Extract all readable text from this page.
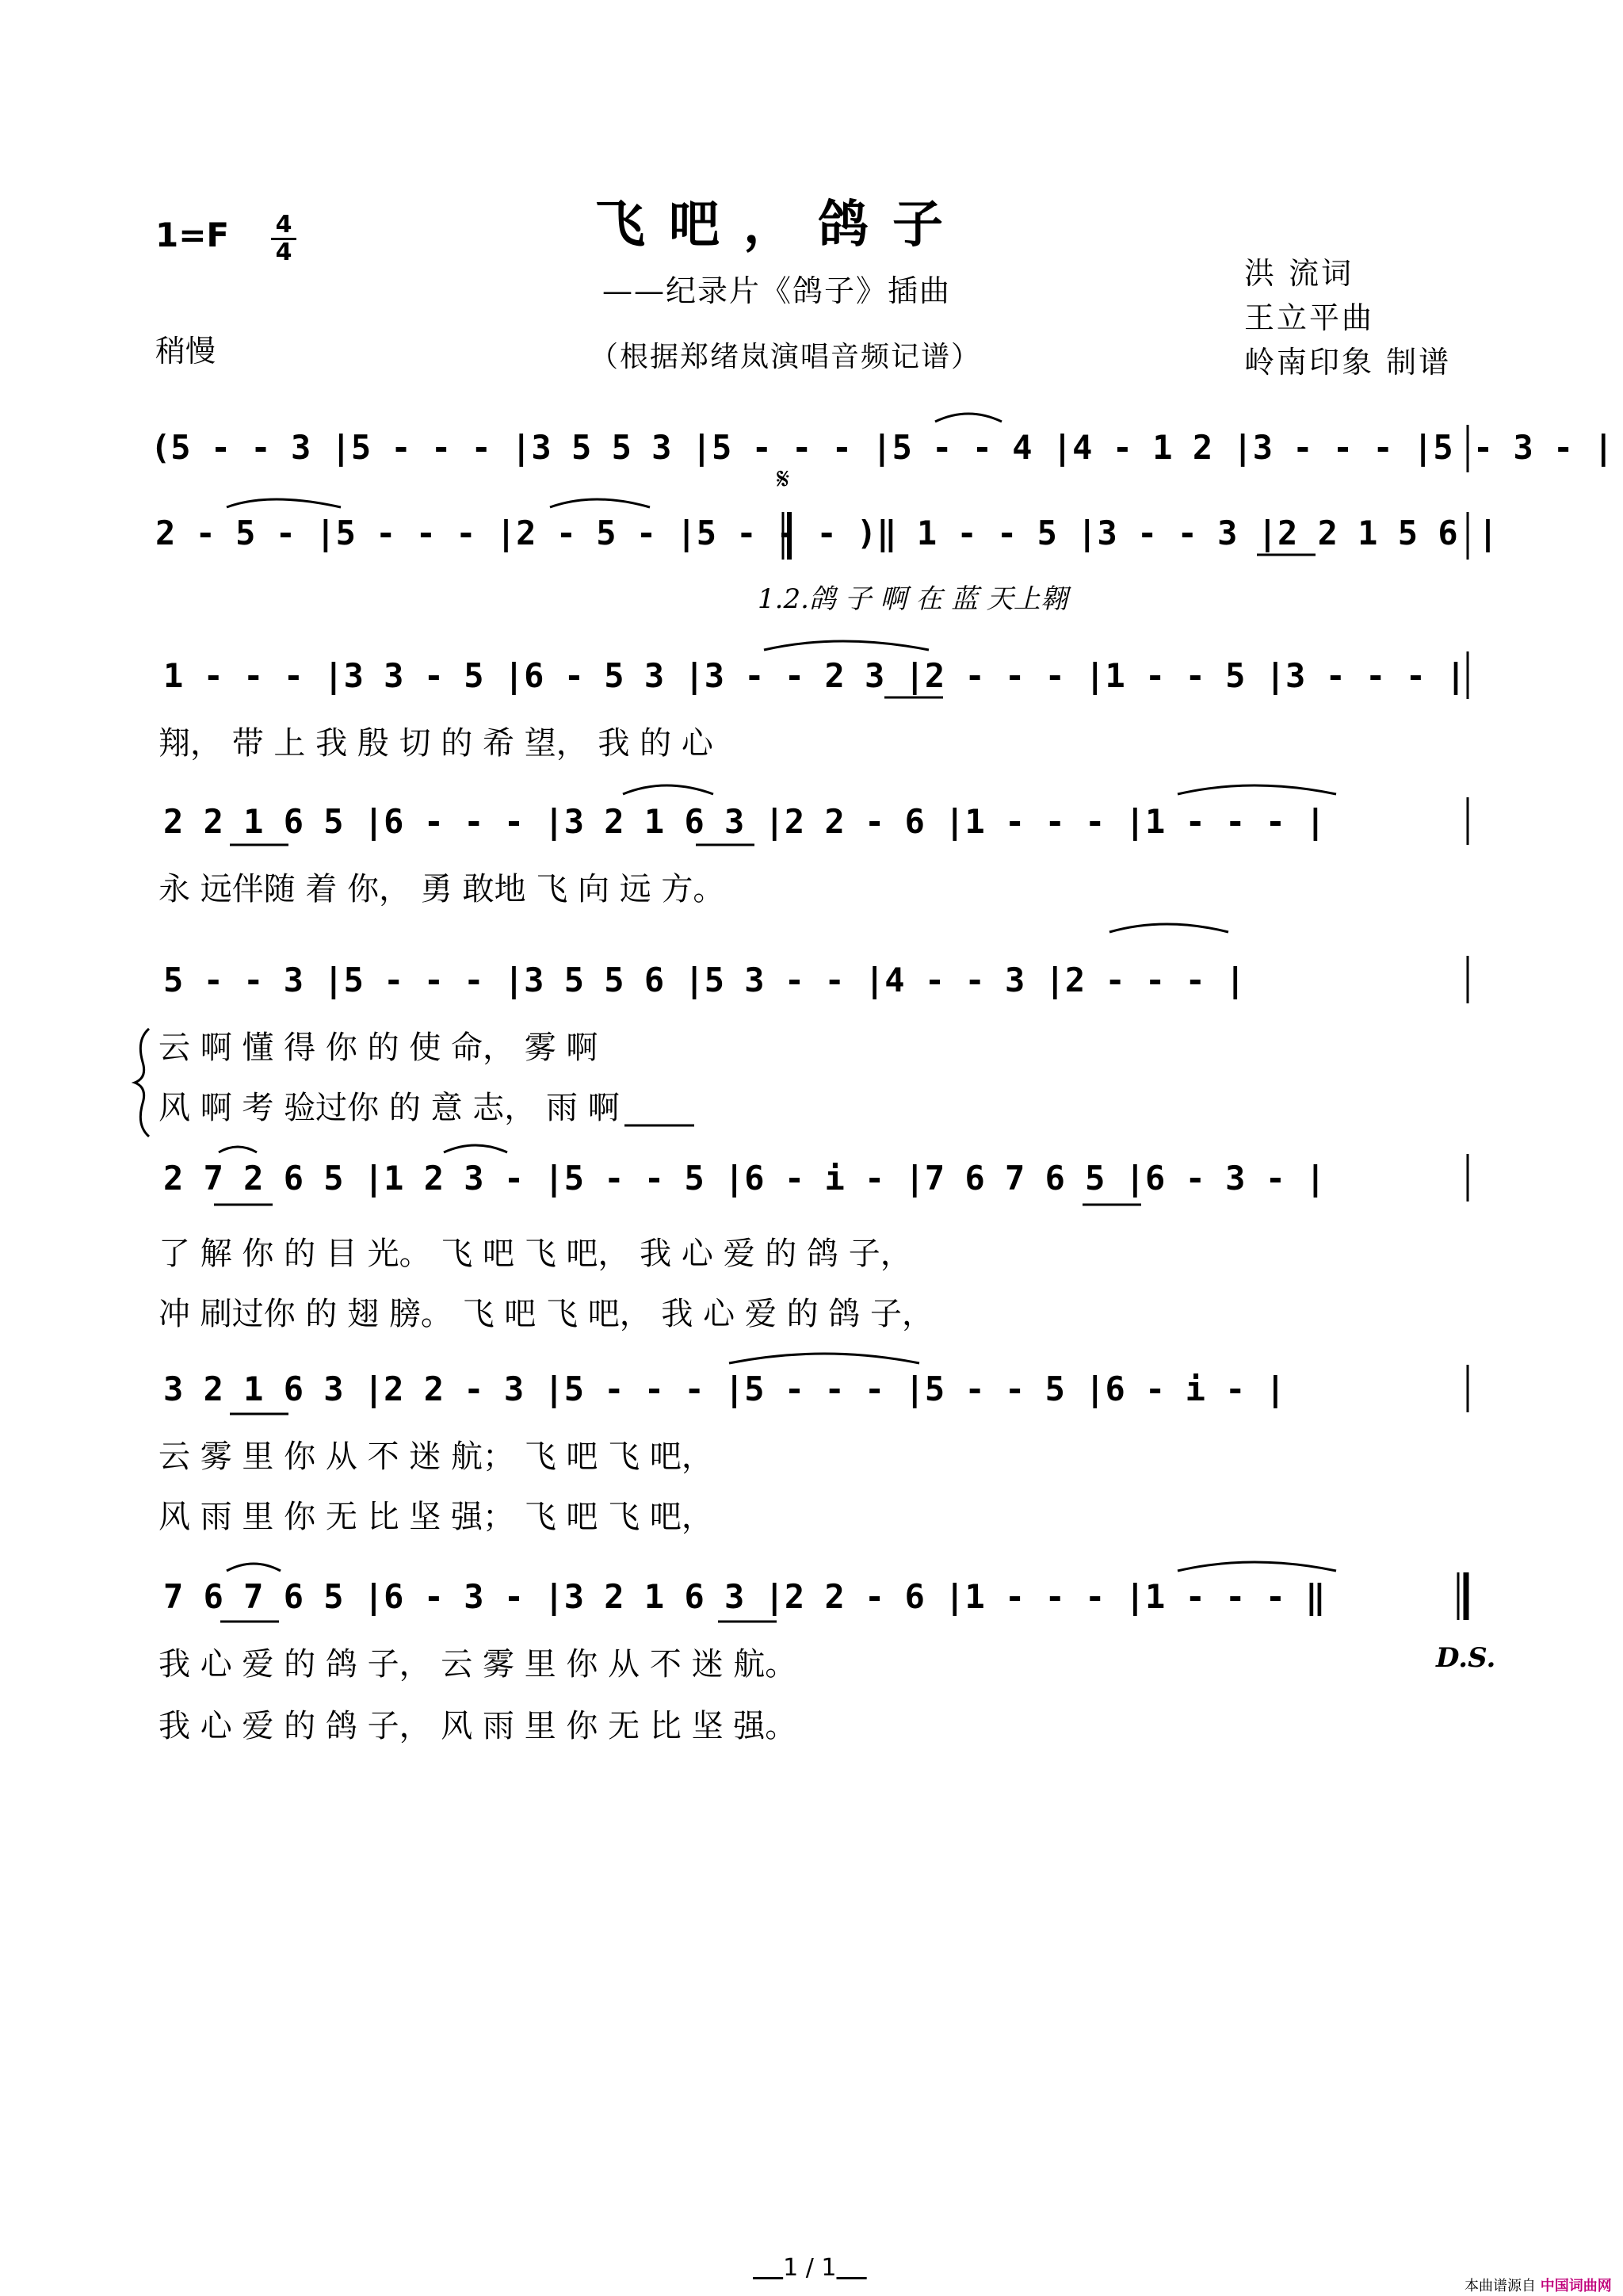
1=F	4
4	飞吧，鸽子
——纪录片《鸽子》插曲
（根据郑绪岚演唱音频记谱）
稍慢
洪 流词
王立平曲
岭南印象 制谱
(5 - - 3 |5 - - - |3 5 5 3 |5 - - - |5 - - 4 |4 - 1 2 |3 - - - |5 - 3 - |
2 - 5 - |5 - - - |2 - 5 - |5 - - - )‖ 1 - - 5 |3 - - 3 |2 2 1 5 6 |
𝄋
1.2.鸽 子 啊 在 蓝 天上翱
1 - - - |3 3 - 5 |6 - 5 3 |3 - - 2 3 |2 - - - |1 - - 5 |3 - - - |
翔， 带 上 我 殷 切 的 希 望， 我 的 心
2 2 1 6 5 |6 - - - |3 2 1 6 3 |2 2 - 6 |1 - - - |1 - - - |
永 远伴随 着 你， 勇 敢地 飞 向 远 方。
5 - - 3 |5 - - - |3 5 5 6 |5 3 - - |4 - - 3 |2 - - - |
云 啊 懂 得 你 的 使 命， 雾 啊
风 啊 考 验过你 的 意 志， 雨 啊
2 7 2 6 5 |1 2 3 - |5 - - 5 |6 - i - |7 6 7 6 5 |6 - 3 - |
了 解 你 的 目 光。 飞 吧 飞 吧， 我 心 爱 的 鸽 子，
冲 刷过你 的 翅 膀。 飞 吧 飞 吧， 我 心 爱 的 鸽 子，
3 2 1 6 3 |2 2 - 3 |5 - - - |5 - - - |5 - - 5 |6 - i - |
云 雾 里 你 从 不 迷 航； 飞 吧 飞 吧，
风 雨 里 你 无 比 坚 强； 飞 吧 飞 吧，
7 6 7 6 5 |6 - 3 - |3 2 1 6 3 |2 2 - 6 |1 - - - |1 - - - ‖
我 心 爱 的 鸽 子， 云 雾 里 你 从 不 迷 航。	D.S.
我 心 爱 的 鸽 子， 风 雨 里 你 无 比 坚 强。
1 / 1
本曲谱源自 中国词曲网
